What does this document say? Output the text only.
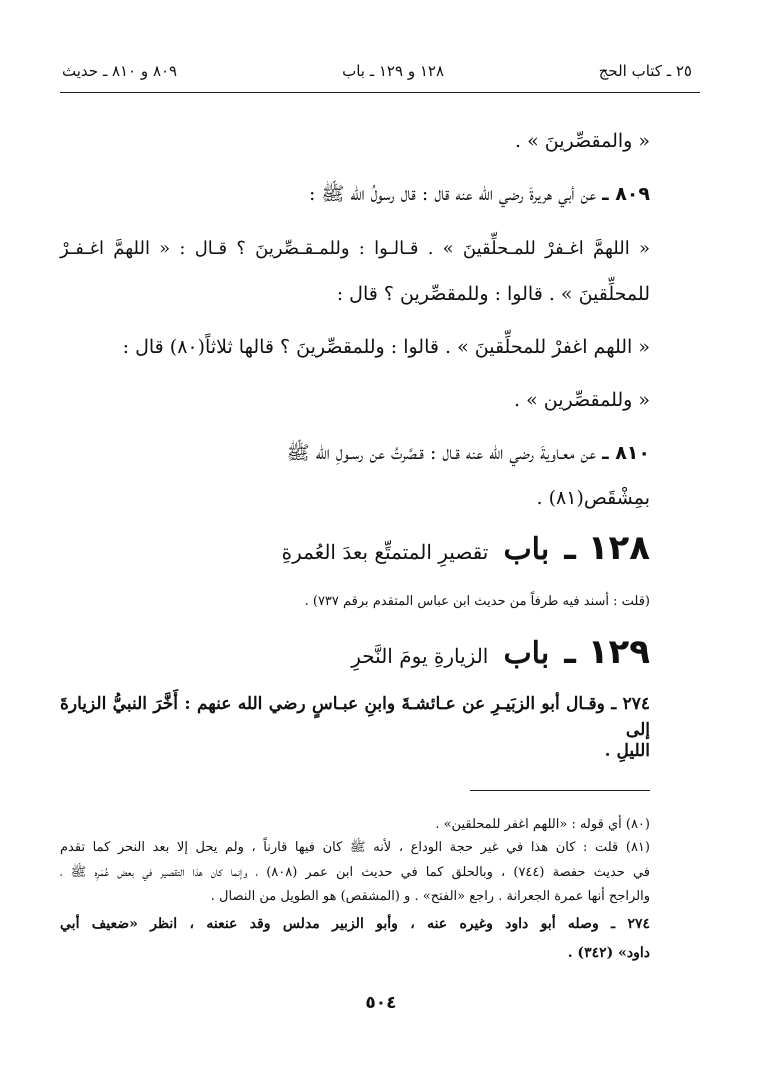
٢٥ ـ كتاب الحج
١٢٨ و ١٢٩ ـ باب
٨٠٩ و ٨١٠ ـ حديث
« والمقصِّرينَ » .
٨٠٩ ـ عن أبي هريرةَ رضي الله عنه قال : قال رسولُ الله ﷺ :
« اللهمَّ اغـفرْ للمـحلِّقينَ » . قـالـوا : وللمـقـصِّرينَ ؟ قـال : « اللهمَّ اغـفـرْ
للمحلِّقينَ » . قالوا : وللمقصِّرين ؟ قال :
« اللهم اغفرْ للمحلِّقينَ » . قالوا : وللمقصِّرينَ ؟ قالها ثلاثاً(٨٠) قال :
« وللمقصِّرين » .
٨١٠ ـ عن معـاويةَ رضي الله عنه قـال : قـصَّرتُ عن رسـولِ الله ﷺ
بمِشْقَص(٨١) .
١٢٨ ـ باب تقصيرِ المتمتِّع بعدَ العُمرةِ
(قلت : أسند فيه طرفاً من حديث ابن عباس المتقدم برقم ٧٣٧) .
١٢٩ ـ باب الزيارةِ يومَ النَّحرِ
٢٧٤ ـ وقـال أبو الزبَيـرِ عن عـائشـةَ وابنِ عبـاسٍ رضي الله عنهم : أَخَّرَ النبيُّ الزيارةَ إلى
الليلِ .
(٨٠) أي قوله : «اللهم اغفر للمحلقين» .
(٨١) قلت : كان هذا في غير حجة الوداع ، لأنه ﷺ كان فيها قارناً ، ولم يحل إلا بعد النحر كما تقدم
في حديث حفصة (٧٤٤) ، وبالحلق كما في حديث ابن عمر (٨٠٨) ، وإنما كان هذا التقصير في بعض عُمَرِه ﷺ ،
والراجح أنها عمرة الجعرانة . راجع «الفتح» . و (المشقص) هو الطويل من النصال .
٢٧٤ ـ وصله أبو داود وغيره عنه ، وأبو الزبير مدلس وقد عنعنه ، انظر «ضعيف أبي
داود» (٣٤٢) .
٥٠٤
